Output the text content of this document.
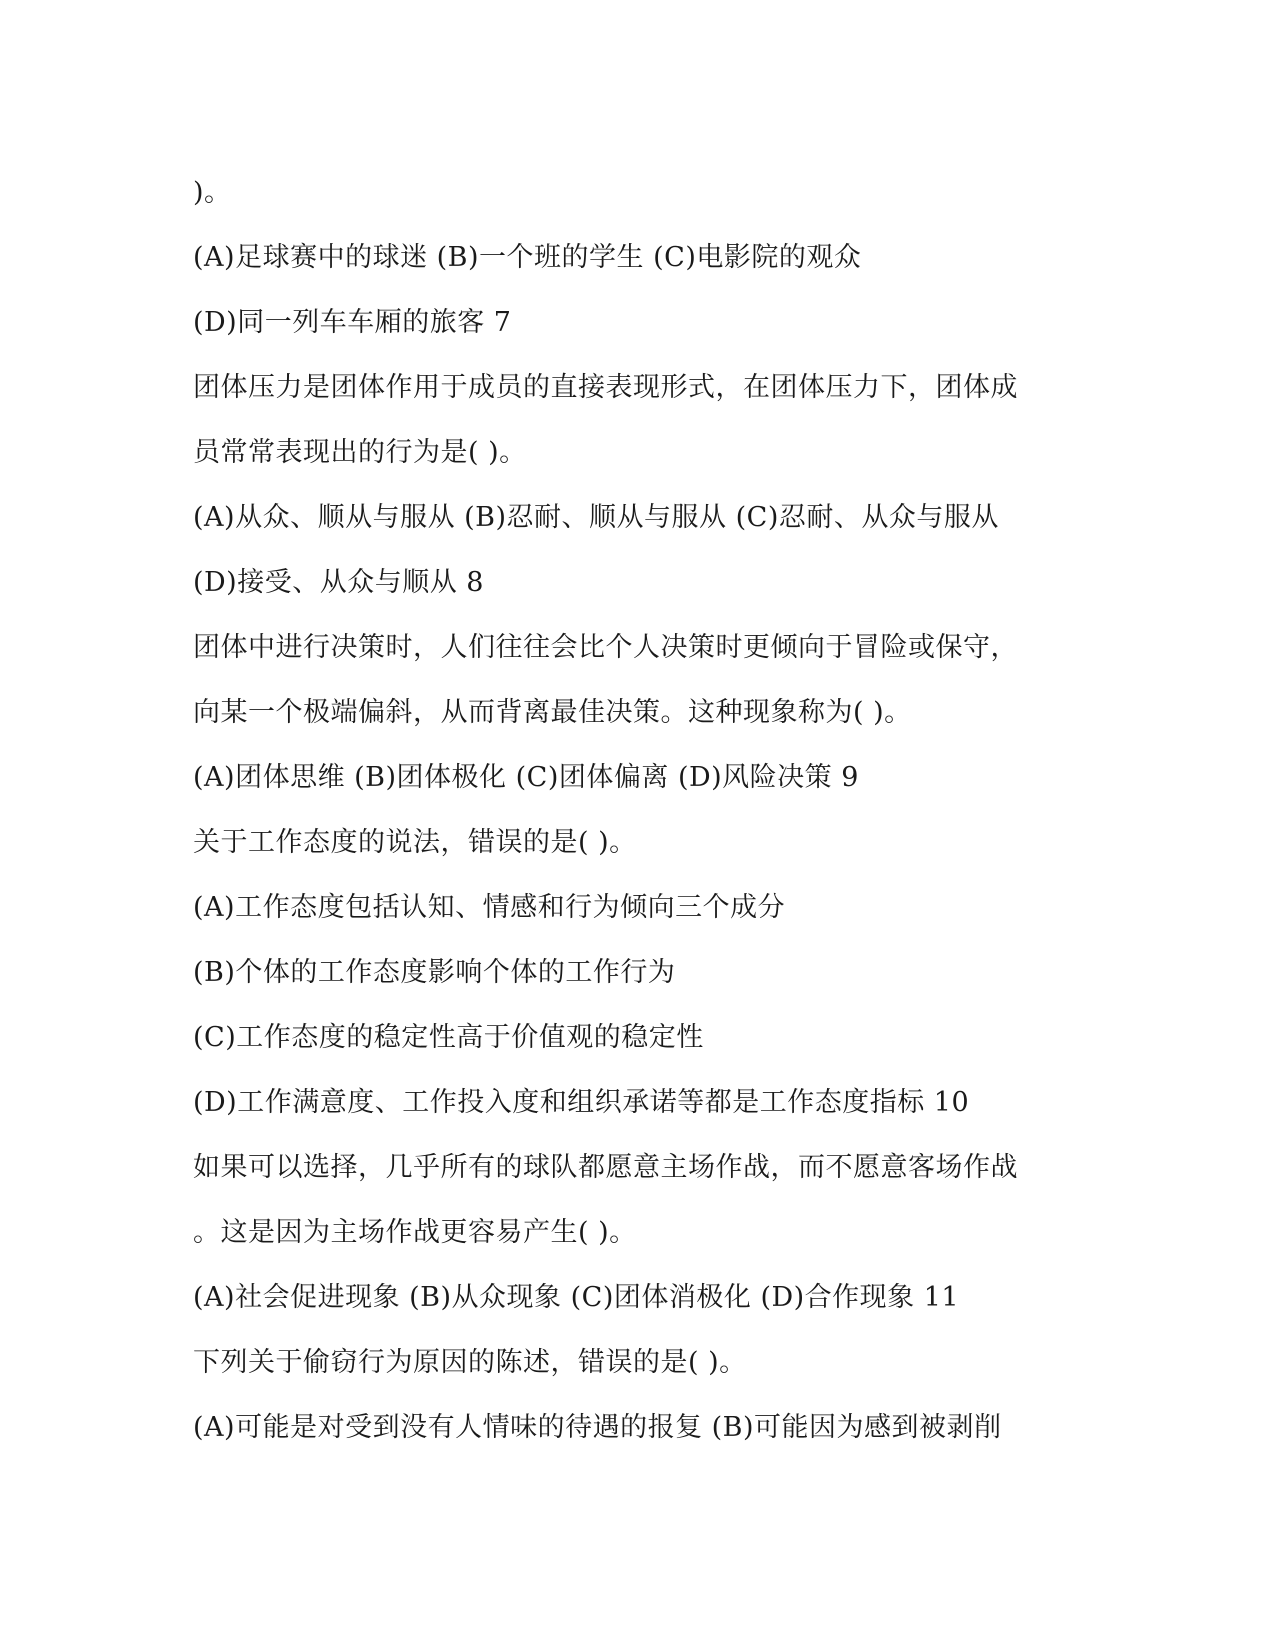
)。
(A)足球赛中的球迷 (B)一个班的学生 (C)电影院的观众
(D)同一列车车厢的旅客 7
团体压力是团体作用于成员的直接表现形式，在团体压力下，团体成
员常常表现出的行为是( )。
(A)从众、顺从与服从 (B)忍耐、顺从与服从 (C)忍耐、从众与服从
(D)接受、从众与顺从 8
团体中进行决策时，人们往往会比个人决策时更倾向于冒险或保守，
向某一个极端偏斜，从而背离最佳决策。这种现象称为( )。
(A)团体思维 (B)团体极化 (C)团体偏离 (D)风险决策 9
关于工作态度的说法，错误的是( )。
(A)工作态度包括认知、情感和行为倾向三个成分
(B)个体的工作态度影响个体的工作行为
(C)工作态度的稳定性高于价值观的稳定性
(D)工作满意度、工作投入度和组织承诺等都是工作态度指标 10
如果可以选择，几乎所有的球队都愿意主场作战，而不愿意客场作战
。这是因为主场作战更容易产生( )。
(A)社会促进现象 (B)从众现象 (C)团体消极化 (D)合作现象 11
下列关于偷窃行为原因的陈述，错误的是( )。
(A)可能是对受到没有人情味的待遇的报复 (B)可能因为感到被剥削
